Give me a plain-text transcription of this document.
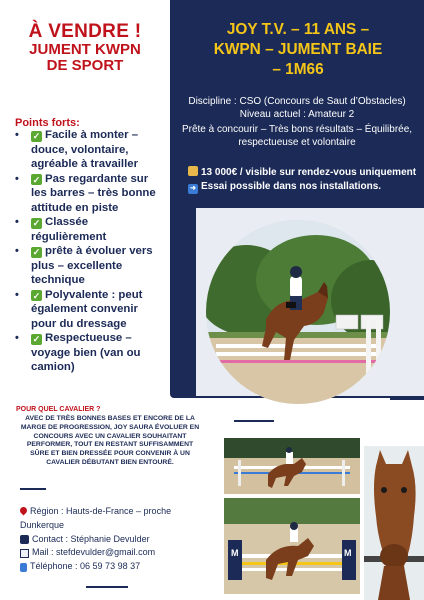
À VENDRE !
JUMENT KWPN
DE SPORT
Points forts:
•	✓ Facile à monter – douce, volontaire, agréable à travailler
•	✓ Pas regardante sur les barres – très bonne attitude en piste
•	✓ Classée régulièrement
•	✓ prête à évoluer vers plus – excellente technique
•	✓ Polyvalente : peut également convenir pour du dressage
•	✓ Respectueuse – voyage bien (van ou camion)
JOY T.V. – 11 ANS –
KWPN – JUMENT BAIE
– 1M66
Discipline : CSO (Concours de Saut d’Obstacles)
Niveau actuel : Amateur 2
Prête à concourir – Très bons résultats – Équilibrée, respectueuse et volontaire
13 000€ / visible sur rendez-vous uniquement
➜ Essai possible dans nos installations.
POUR QUEL CAVALIER ?
AVEC DE TRÈS BONNES BASES ET ENCORE DE LA MARGE DE PROGRESSION, JOY SAURA ÉVOLUER EN CONCOURS AVEC UN CAVALIER SOUHAITANT PERFORMER, TOUT EN RESTANT SUFFISAMMENT SÛRE ET BIEN DRESSÉE POUR CONVENIR À UN CAVALIER DÉBUTANT BIEN ENTOURÉ.
Région : Hauts-de-France – proche Dunkerque
Contact : Stéphanie Devulder
Mail : stefdevulder@gmail.com
Téléphone : 06 59 73 98 37
M	M
